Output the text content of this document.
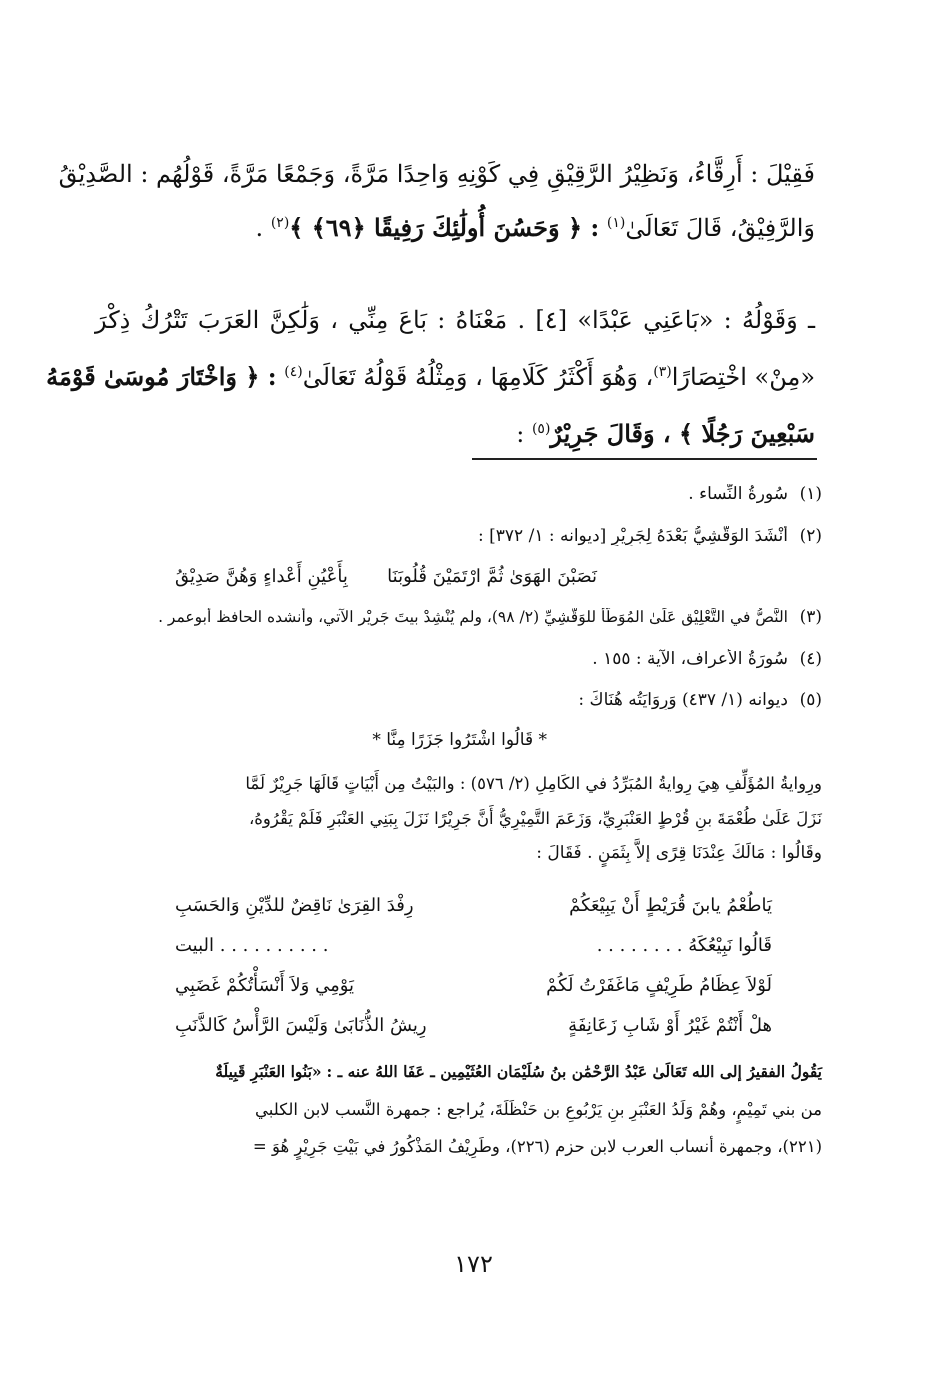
فَقِيْلَ : أَرِقَّاءُ، وَنَظِيْرُ الرَّقِيْقِ فِي كَوْنِهِ وَاحِدًا مَرَّةً، وَجَمْعًا مَرَّةً، قَوْلُهُم : الصَّدِيْقُ
وَالرَّفِيْقُ، قَالَ تَعَالَىٰ$^{(١)}$ : ﴿ وَحَسُنَ أُولَٰئِكَ رَفِيقًا ﴿٦٩﴾ ﴾$^{(٢)}$ .

ـ وَقَوْلُهُ : «بَاعَنِي عَبْدًا» [٤] . مَعْنَاهُ : بَاعَ مِنِّي ، وَلَٰكِنَّ العَرَبَ تَتْرُكُ ذِكْرَ
«مِنْ» اخْتِصَارًا$^{(٣)}$، وَهُوَ أَكْثَرُ كَلَامِهَا ، وَمِثْلُهُ قَوْلُهُ تَعَالَىٰ$^{(٤)}$ : ﴿ وَاخْتَارَ مُوسَىٰ قَوْمَهُ
سَبْعِينَ رَجُلًا ﴾ ، وَقَالَ جَرِيْرٌ$^{(٥)}$ :

(١)
سُورةُ النِّساء .
(٢)
أَنْشَدَ الوَقَّشِيُّ بَعْدَهُ لِجَرِيْرٍ [ديوانه : ١/ ٣٧٢] :
نَصَبْنَ الهَوَىٰ ثُمَّ ارْتَمَيْنَ قُلُوبَنَا
بِأَعْيُنِ أَعْداءٍ وَهُنَّ صَدِيْقُ
(٣)
النَّصُّ في التَّعْلِيْقِ عَلَىٰ المُوَطَّأ للوَقَّشِيِّ (٢/ ٩٨)، ولم يُنْشِدْ بيتَ جَرِيْرٍ الآتي، وأنشده الحافظ أبوعمر .
(٤)
سُورَةُ الأعراف، الآية : ١٥٥ .
(٥)
ديوانه (١/ ٤٣٧) وَرِوَايَتُه هُنَاكَ :
* قَالُوا اشْتَرُوا جَزَرًا مِنَّا *
ورِوايةُ المُؤَلِّفِ هِيَ رِوايةُ المُبَرِّدُ في الكَامِلِ (٢/ ٥٧٦) : والبَيْتُ مِن أَبْيَاتٍ قَالَهَا جَرِيْرٌ لَمَّا
نَزَلَ عَلَىٰ طُعْمَةَ بنِ قُرْطٍ العَنْبَرِيِّ، وَزَعَمَ التَّمِيْرِيُّ أَنَّ جَرِيْرًا نَزَلَ بِبَنِي العَنْبَرِ فَلَمْ يَقْرُوهُ،
وقَالُوا : مَالَكَ عِنْدَنَا قِرًى إلاَّ بِثَمَنٍ . فَقَالَ :
يَاطُعْمُ يابنَ قُرَيْطٍ أَنْ يَبِيْعَكُمْ
رِفْدَ القِرَىٰ نَاقِضٌ للدِّيْنِ وَالحَسَبِ
قَالُوا نَبِيْعُكَهُ . . . . . . . .
. . . . . . . . . . البيت
لَوْلاَ عِظَامُ طَرِيْفٍ مَاغَفَرْتُ لَكُمْ
يَوْمِي وَلاَ أَنْسَأْتُكُمْ غَضَبِي
هلْ أَنْتُمْ غَيْرُ أَوْ شَابِ زَعَانِفَةٍ
رِيشُ الذُّنَابَىٰ وَلَيْسَ الرَّأْسُ كَالذَّنَبِ
يَقُولُ الفقيرُ إلى الله تَعَالَىٰ عَبْدُ الرَّحْمَٰن بنُ سُلَيْمَان العُثَيْمِين ـ عَفَا اللهُ عنه ـ : «بَنُوا العَنْبَرِ قَبِيلَةٌ
من بني تَمِيْمٍ، وهُمْ وَلَدُ العَنْبَرِ بنِ يَرْبُوعِ بن حَنْظَلَةَ، يُراجع : جمهرة النَّسب لابن الكلبي
(٢٢١)، وجمهرة أنساب العرب لابن حزم (٢٢٦)، وطَرِيْفُ المَذْكُورُ في بَيْتِ جَرِيْرٍ هُوَ =
١٧٢
